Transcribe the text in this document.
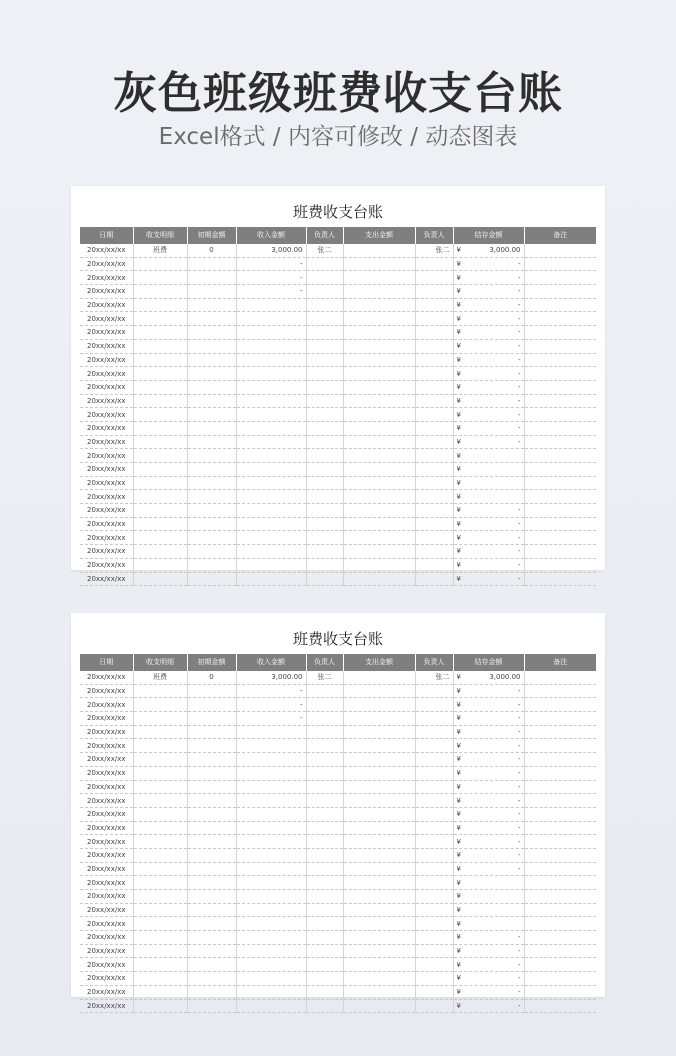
灰色班级班费收支台账
Excel格式 / 内容可修改 / 动态图表
班费收支台账
日期	收支明细	初期金额	收入金额	负责人	支出金额	负责人	结存金额	备注
20xx/xx/xx	班费	0	3,000.00	张二		张二	¥ 3,000.00	

20xx/xx/xx			-				¥ -	

20xx/xx/xx			-				¥ -	

20xx/xx/xx			-				¥ -	

20xx/xx/xx							¥ -	

20xx/xx/xx							¥ -	

20xx/xx/xx							¥ -	

20xx/xx/xx							¥ -	

20xx/xx/xx							¥ -	

20xx/xx/xx							¥ -	

20xx/xx/xx							¥ -	

20xx/xx/xx							¥ -	

20xx/xx/xx							¥ -	

20xx/xx/xx							¥ -	

20xx/xx/xx							¥ -	

20xx/xx/xx							¥	

20xx/xx/xx							¥	

20xx/xx/xx							¥	

20xx/xx/xx							¥	

20xx/xx/xx							¥ -	

20xx/xx/xx							¥ -	

20xx/xx/xx							¥ -	

20xx/xx/xx							¥ -	

20xx/xx/xx							¥ -	

20xx/xx/xx							¥ -	

班费收支台账
日期	收支明细	初期金额	收入金额	负责人	支出金额	负责人	结存金额	备注
20xx/xx/xx	班费	0	3,000.00	张二		张二	¥ 3,000.00	

20xx/xx/xx			-				¥ -	

20xx/xx/xx			-				¥ -	

20xx/xx/xx			-				¥ -	

20xx/xx/xx							¥ -	

20xx/xx/xx							¥ -	

20xx/xx/xx							¥ -	

20xx/xx/xx							¥ -	

20xx/xx/xx							¥ -	

20xx/xx/xx							¥ -	

20xx/xx/xx							¥ -	

20xx/xx/xx							¥ -	

20xx/xx/xx							¥ -	

20xx/xx/xx							¥ -	

20xx/xx/xx							¥ -	

20xx/xx/xx							¥	

20xx/xx/xx							¥	

20xx/xx/xx							¥	

20xx/xx/xx							¥	

20xx/xx/xx							¥ -	

20xx/xx/xx							¥ -	

20xx/xx/xx							¥ -	

20xx/xx/xx							¥ -	

20xx/xx/xx							¥ -	

20xx/xx/xx							¥ -	
